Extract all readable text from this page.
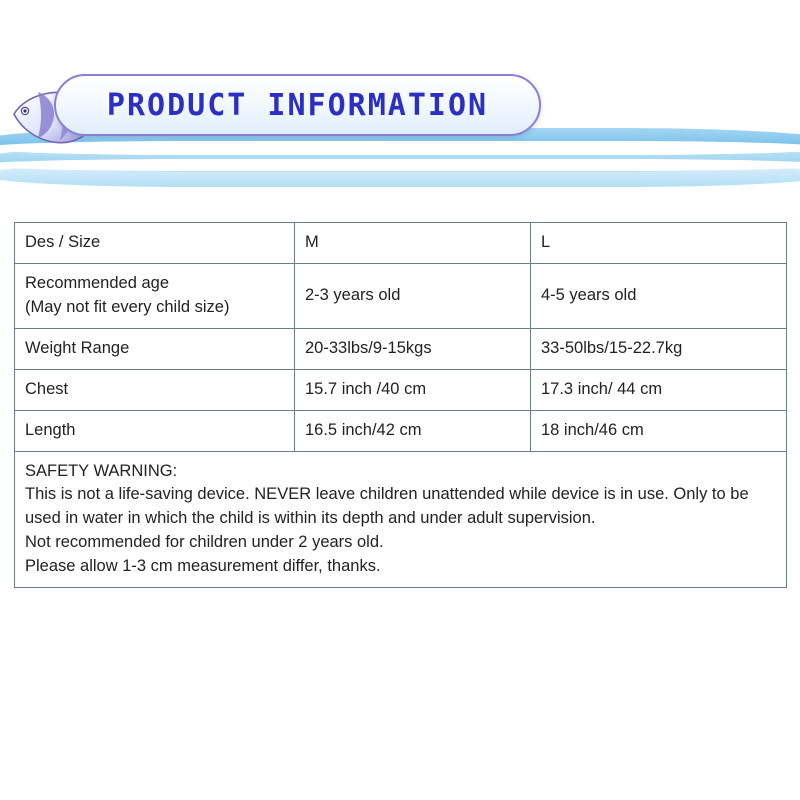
PRODUCT INFORMATION
Des / Size	M	L

Recommended age
(May not fit every child size)	2-3 years old	4-5 years old
Weight Range	20-33lbs/9-15kgs	33-50lbs/15-22.7kg
Chest	15.7 inch /40 cm	17.3 inch/ 44 cm
Length	16.5 inch/42 cm	18 inch/46 cm

SAFETY WARNING:
This is not a life-saving device. NEVER leave children unattended while device is in use. Only to be used in water in which the child is within its depth and under adult supervision.
Not recommended for children under 2 years old.
Please allow 1-3 cm measurement differ, thanks.		
